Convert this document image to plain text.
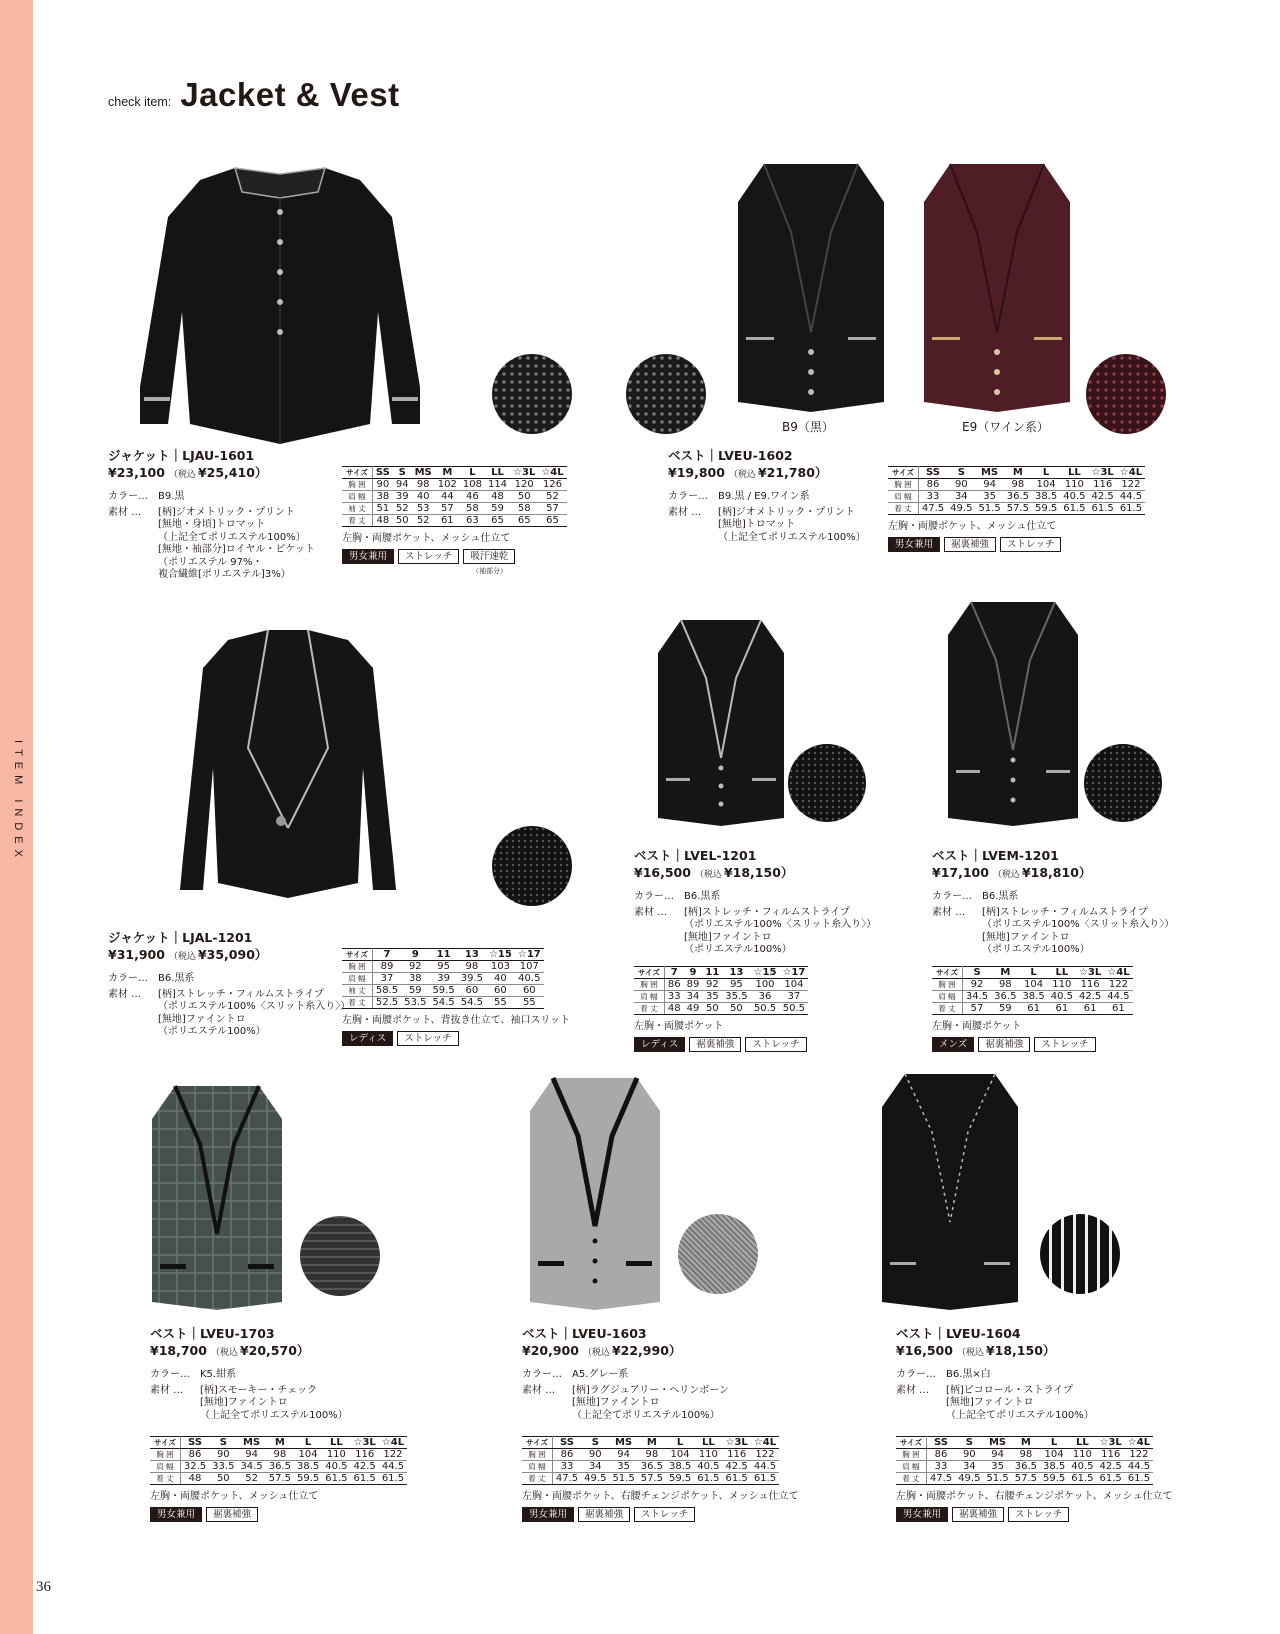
ITEM INDEX
check item: Jacket & Vest
B9（黒）	E9（ワイン系）
ジャケット｜LJAU-1601
¥23,100 （税込 ¥25,410）
カラー…	B9.黒
素材 …	[柄]ジオメトリック・プリント
[無地・身頃]トロマット
（上記全てポリエステル100%）
[無地・袖部分]ロイヤル・ピケット
（ポリエステル 97%・
複合繊維[ポリエステル]3%）
サイズ	SS	S	MS	M	L	LL	☆3L	☆4L
胸 囲	90	94	98	102	108	114	120	126
肩 幅	38	39	40	44	46	48	50	52
袖 丈	51	52	53	57	58	59	58	57
着 丈	48	50	52	61	63	65	65	65
左胸・両腰ポケット、メッシュ仕立て
男女兼用	ストレッチ	吸汗速乾
（袖部分）
ベスト｜LVEU-1602
¥19,800 （税込 ¥21,780）
カラー…	B9.黒 / E9.ワイン系
素材 …	[柄]ジオメトリック・プリント
[無地]トロマット
（上記全てポリエステル100%）
サイズ	SS	S	MS	M	L	LL	☆3L	☆4L
胸 囲	86	90	94	98	104	110	116	122
肩 幅	33	34	35	36.5	38.5	40.5	42.5	44.5
着 丈	47.5	49.5	51.5	57.5	59.5	61.5	61.5	61.5
左胸・両腰ポケット、メッシュ仕立て
男女兼用	裾裏補強	ストレッチ
ジャケット｜LJAL-1201
¥31,900 （税込 ¥35,090）
カラー…	B6.黒系
素材 …	[柄]ストレッチ・フィルムストライプ
（ポリエステル100%〈スリット糸入り〉）
[無地]ファイントロ
（ポリエステル100%）
サイズ	7	9	11	13	☆15	☆17
胸 囲	89	92	95	98	103	107
肩 幅	37	38	39	39.5	40	40.5
袖 丈	58.5	59	59.5	60	60	60
着 丈	52.5	53.5	54.5	54.5	55	55
左胸・両腰ポケット、背抜き仕立て、袖口スリット
レディス	ストレッチ
ベスト｜LVEL-1201
¥16,500 （税込 ¥18,150）
カラー…	B6.黒系
素材 …	[柄]ストレッチ・フィルムストライプ
（ポリエステル100%〈スリット糸入り〉）
[無地]ファイントロ
（ポリエステル100%）
サイズ	7	9	11	13	☆15	☆17
胸 囲	86	89	92	95	100	104
肩 幅	33	34	35	35.5	36	37
着 丈	48	49	50	50	50.5	50.5
左胸・両腰ポケット
レディス	裾裏補強	ストレッチ
ベスト｜LVEM-1201
¥17,100 （税込 ¥18,810）
カラー…	B6.黒系
素材 …	[柄]ストレッチ・フィルムストライプ
（ポリエステル100%〈スリット糸入り〉）
[無地]ファイントロ
（ポリエステル100%）
サイズ	S	M	L	LL	☆3L	☆4L
胸 囲	92	98	104	110	116	122
肩 幅	34.5	36.5	38.5	40.5	42.5	44.5
着 丈	57	59	61	61	61	61
左胸・両腰ポケット
メンズ	裾裏補強	ストレッチ
ベスト｜LVEU-1703
¥18,700 （税込 ¥20,570）
カラー…	K5.紺系
素材 …	[柄]スモーキー・チェック
[無地]ファイントロ
（上記全てポリエステル100%）
サイズ	SS	S	MS	M	L	LL	☆3L	☆4L
胸 囲	86	90	94	98	104	110	116	122
肩 幅	32.5	33.5	34.5	36.5	38.5	40.5	42.5	44.5
着 丈	48	50	52	57.5	59.5	61.5	61.5	61.5
左胸・両腰ポケット、メッシュ仕立て
男女兼用	裾裏補強
ベスト｜LVEU-1603
¥20,900 （税込 ¥22,990）
カラー…	A5.グレー系
素材 …	[柄]ラグジュアリー・ヘリンボーン
[無地]ファイントロ
（上記全てポリエステル100%）
サイズ	SS	S	MS	M	L	LL	☆3L	☆4L
胸 囲	86	90	94	98	104	110	116	122
肩 幅	33	34	35	36.5	38.5	40.5	42.5	44.5
着 丈	47.5	49.5	51.5	57.5	59.5	61.5	61.5	61.5
左胸・両腰ポケット、右腰チェンジポケット、メッシュ仕立て
男女兼用	裾裏補強	ストレッチ
ベスト｜LVEU-1604
¥16,500 （税込 ¥18,150）
カラー…	B6.黒×白
素材 …	[柄]ピコロール・ストライプ
[無地]ファイントロ
（上記全てポリエステル100%）
サイズ	SS	S	MS	M	L	LL	☆3L	☆4L
胸 囲	86	90	94	98	104	110	116	122
肩 幅	33	34	35	36.5	38.5	40.5	42.5	44.5
着 丈	47.5	49.5	51.5	57.5	59.5	61.5	61.5	61.5
左胸・両腰ポケット、右腰チェンジポケット、メッシュ仕立て
男女兼用	裾裏補強	ストレッチ
36
